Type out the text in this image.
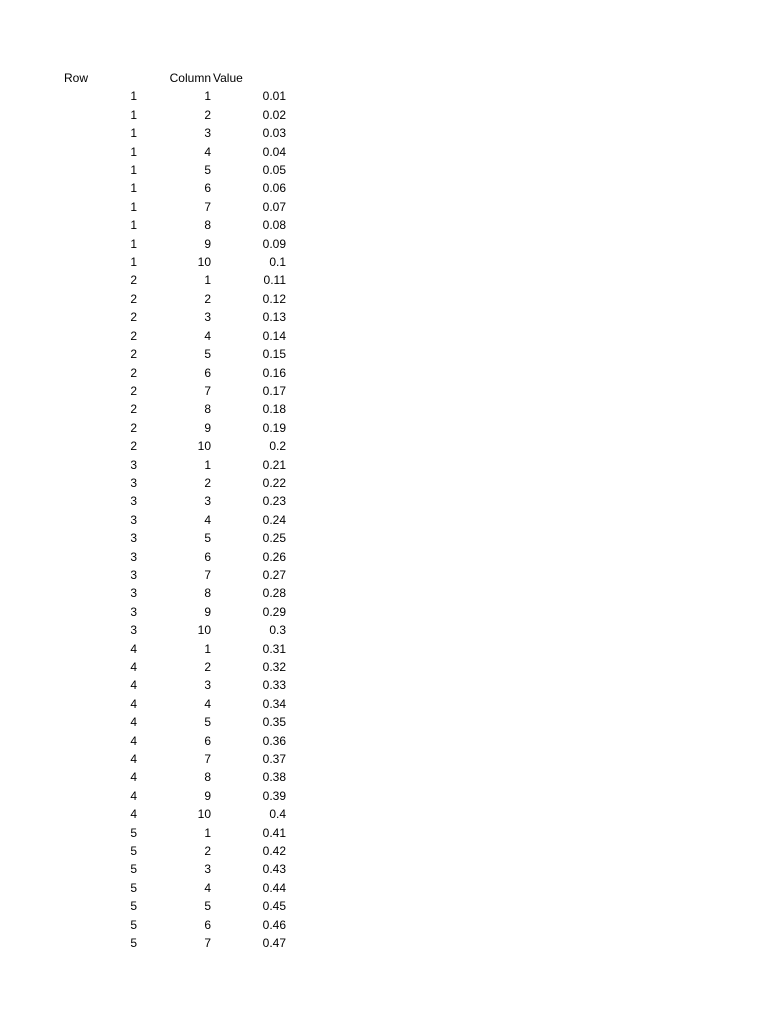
	Row	Column	Value
	1	1	0.01
	1	2	0.02
	1	3	0.03
	1	4	0.04
	1	5	0.05
	1	6	0.06
	1	7	0.07
	1	8	0.08
	1	9	0.09
	1	10	0.1
	2	1	0.11
	2	2	0.12
	2	3	0.13
	2	4	0.14
	2	5	0.15
	2	6	0.16
	2	7	0.17
	2	8	0.18
	2	9	0.19
	2	10	0.2
	3	1	0.21
	3	2	0.22
	3	3	0.23
	3	4	0.24
	3	5	0.25
	3	6	0.26
	3	7	0.27
	3	8	0.28
	3	9	0.29
	3	10	0.3
	4	1	0.31
	4	2	0.32
	4	3	0.33
	4	4	0.34
	4	5	0.35
	4	6	0.36
	4	7	0.37
	4	8	0.38
	4	9	0.39
	4	10	0.4
	5	1	0.41
	5	2	0.42
	5	3	0.43
	5	4	0.44
	5	5	0.45
	5	6	0.46
	5	7	0.47
